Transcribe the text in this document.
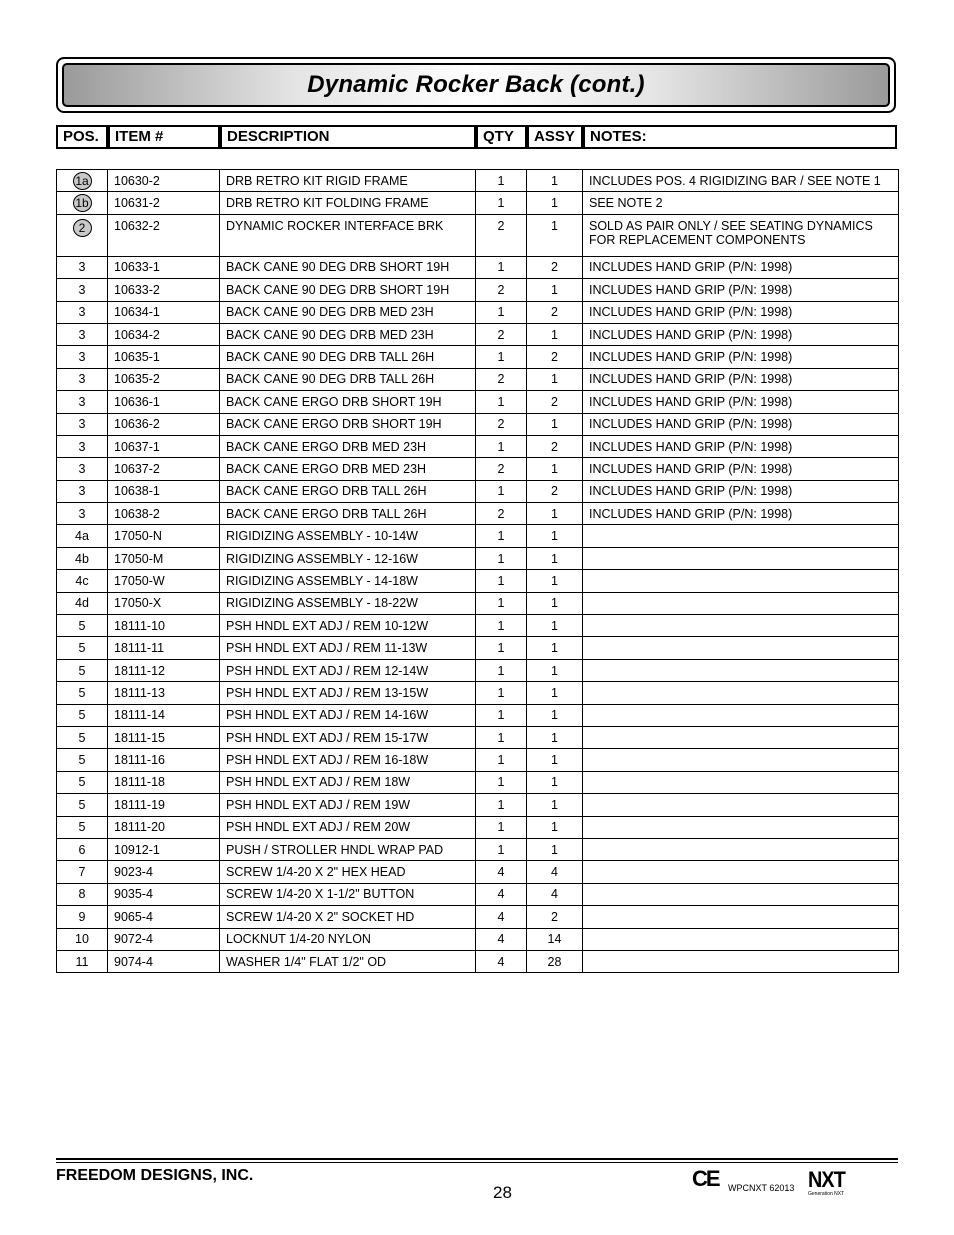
Dynamic Rocker Back (cont.)
POS.	ITEM #	DESCRIPTION	QTY	ASSY	NOTES:
1a	10630-2	DRB RETRO KIT RIGID FRAME	1	1	INCLUDES POS. 4 RIGIDIZING BAR / SEE NOTE 1
1b	10631-2	DRB RETRO KIT FOLDING FRAME	1	1	SEE NOTE 2
2	10632-2	DYNAMIC ROCKER INTERFACE BRK	2	1	SOLD AS PAIR ONLY / SEE SEATING DYNAMICS
FOR REPLACEMENT COMPONENTS

3	10633-1	BACK CANE 90 DEG DRB SHORT 19H	1	2	INCLUDES HAND GRIP (P/N: 1998)
3	10633-2	BACK CANE 90 DEG DRB SHORT 19H	2	1	INCLUDES HAND GRIP (P/N: 1998)
3	10634-1	BACK CANE 90 DEG DRB MED 23H	1	2	INCLUDES HAND GRIP (P/N: 1998)
3	10634-2	BACK CANE 90 DEG DRB MED 23H	2	1	INCLUDES HAND GRIP (P/N: 1998)
3	10635-1	BACK CANE 90 DEG DRB TALL 26H	1	2	INCLUDES HAND GRIP (P/N: 1998)
3	10635-2	BACK CANE 90 DEG DRB TALL 26H	2	1	INCLUDES HAND GRIP (P/N: 1998)
3	10636-1	BACK CANE ERGO DRB SHORT 19H	1	2	INCLUDES HAND GRIP (P/N: 1998)
3	10636-2	BACK CANE ERGO DRB SHORT 19H	2	1	INCLUDES HAND GRIP (P/N: 1998)
3	10637-1	BACK CANE ERGO DRB MED 23H	1	2	INCLUDES HAND GRIP (P/N: 1998)
3	10637-2	BACK CANE ERGO DRB MED 23H	2	1	INCLUDES HAND GRIP (P/N: 1998)
3	10638-1	BACK CANE ERGO DRB TALL 26H	1	2	INCLUDES HAND GRIP (P/N: 1998)
3	10638-2	BACK CANE ERGO DRB TALL 26H	2	1	INCLUDES HAND GRIP (P/N: 1998)
4a	17050-N	RIGIDIZING ASSEMBLY - 10-14W	1	1	
4b	17050-M	RIGIDIZING ASSEMBLY - 12-16W	1	1	
4c	17050-W	RIGIDIZING ASSEMBLY - 14-18W	1	1	
4d	17050-X	RIGIDIZING ASSEMBLY - 18-22W	1	1	
5	18111-10	PSH HNDL EXT ADJ / REM 10-12W	1	1	
5	18111-11	PSH HNDL EXT ADJ / REM 11-13W	1	1	
5	18111-12	PSH HNDL EXT ADJ / REM 12-14W	1	1	
5	18111-13	PSH HNDL EXT ADJ / REM 13-15W	1	1	
5	18111-14	PSH HNDL EXT ADJ / REM 14-16W	1	1	
5	18111-15	PSH HNDL EXT ADJ / REM 15-17W	1	1	
5	18111-16	PSH HNDL EXT ADJ / REM 16-18W	1	1	
5	18111-18	PSH HNDL EXT ADJ / REM 18W	1	1	
5	18111-19	PSH HNDL EXT ADJ / REM 19W	1	1	
5	18111-20	PSH HNDL EXT ADJ / REM 20W	1	1	
6	10912-1	PUSH / STROLLER HNDL WRAP PAD	1	1	
7	9023-4	SCREW 1/4-20 X 2" HEX HEAD	4	4	
8	9035-4	SCREW 1/4-20 X 1-1/2" BUTTON	4	4	
9	9065-4	SCREW 1/4-20 X 2" SOCKET HD	4	2	
10	9072-4	LOCKNUT 1/4-20 NYLON	4	14	
11	9074-4	WASHER 1/4" FLAT 1/2" OD	4	28	
FREEDOM DESIGNS, INC.
28
CE WPCNXT 62013 NXT
Generation NXT
